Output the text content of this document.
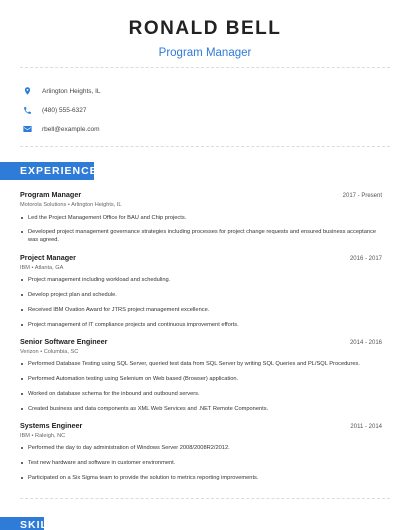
RONALD BELL
Program Manager
Arlington Heights, IL
(480) 555-6327
rbell@example.com
EXPERIENCE
Program Manager	2017 - Present
Motorola Solutions • Arlington Heights, IL
Led the Project Management Office for BAU and Chip projects.
Developed project management governance strategies including processes for project change requests and ensured business acceptance was agreed.
Project Manager	2016 - 2017
IBM • Atlanta, GA
Project management including workload and scheduling.
Develop project plan and schedule.
Received IBM Ovation Award for JTRS project management excellence.
Project management of IT compliance projects and continuous improvement efforts.
Senior Software Engineer	2014 - 2016
Verizon • Columbia, SC
Performed Database Testing using SQL Server, queried test data from SQL Server by writing SQL Queries and PL/SQL Procedures.
Performed Automation testing using Selenium on Web based (Browser) application.
Worked on database schema for the inbound and outbound servers.
Created business and data components as XML Web Services and .NET Remote Components.
Systems Engineer	2011 - 2014
IBM • Raleigh, NC
Performed the day to day administration of Windows Server 2008/2008R2/2012.
Test new hardware and software in customer environment.
Participated on a Six Sigma team to provide the solution to metrics reporting improvements.
SKILLS
